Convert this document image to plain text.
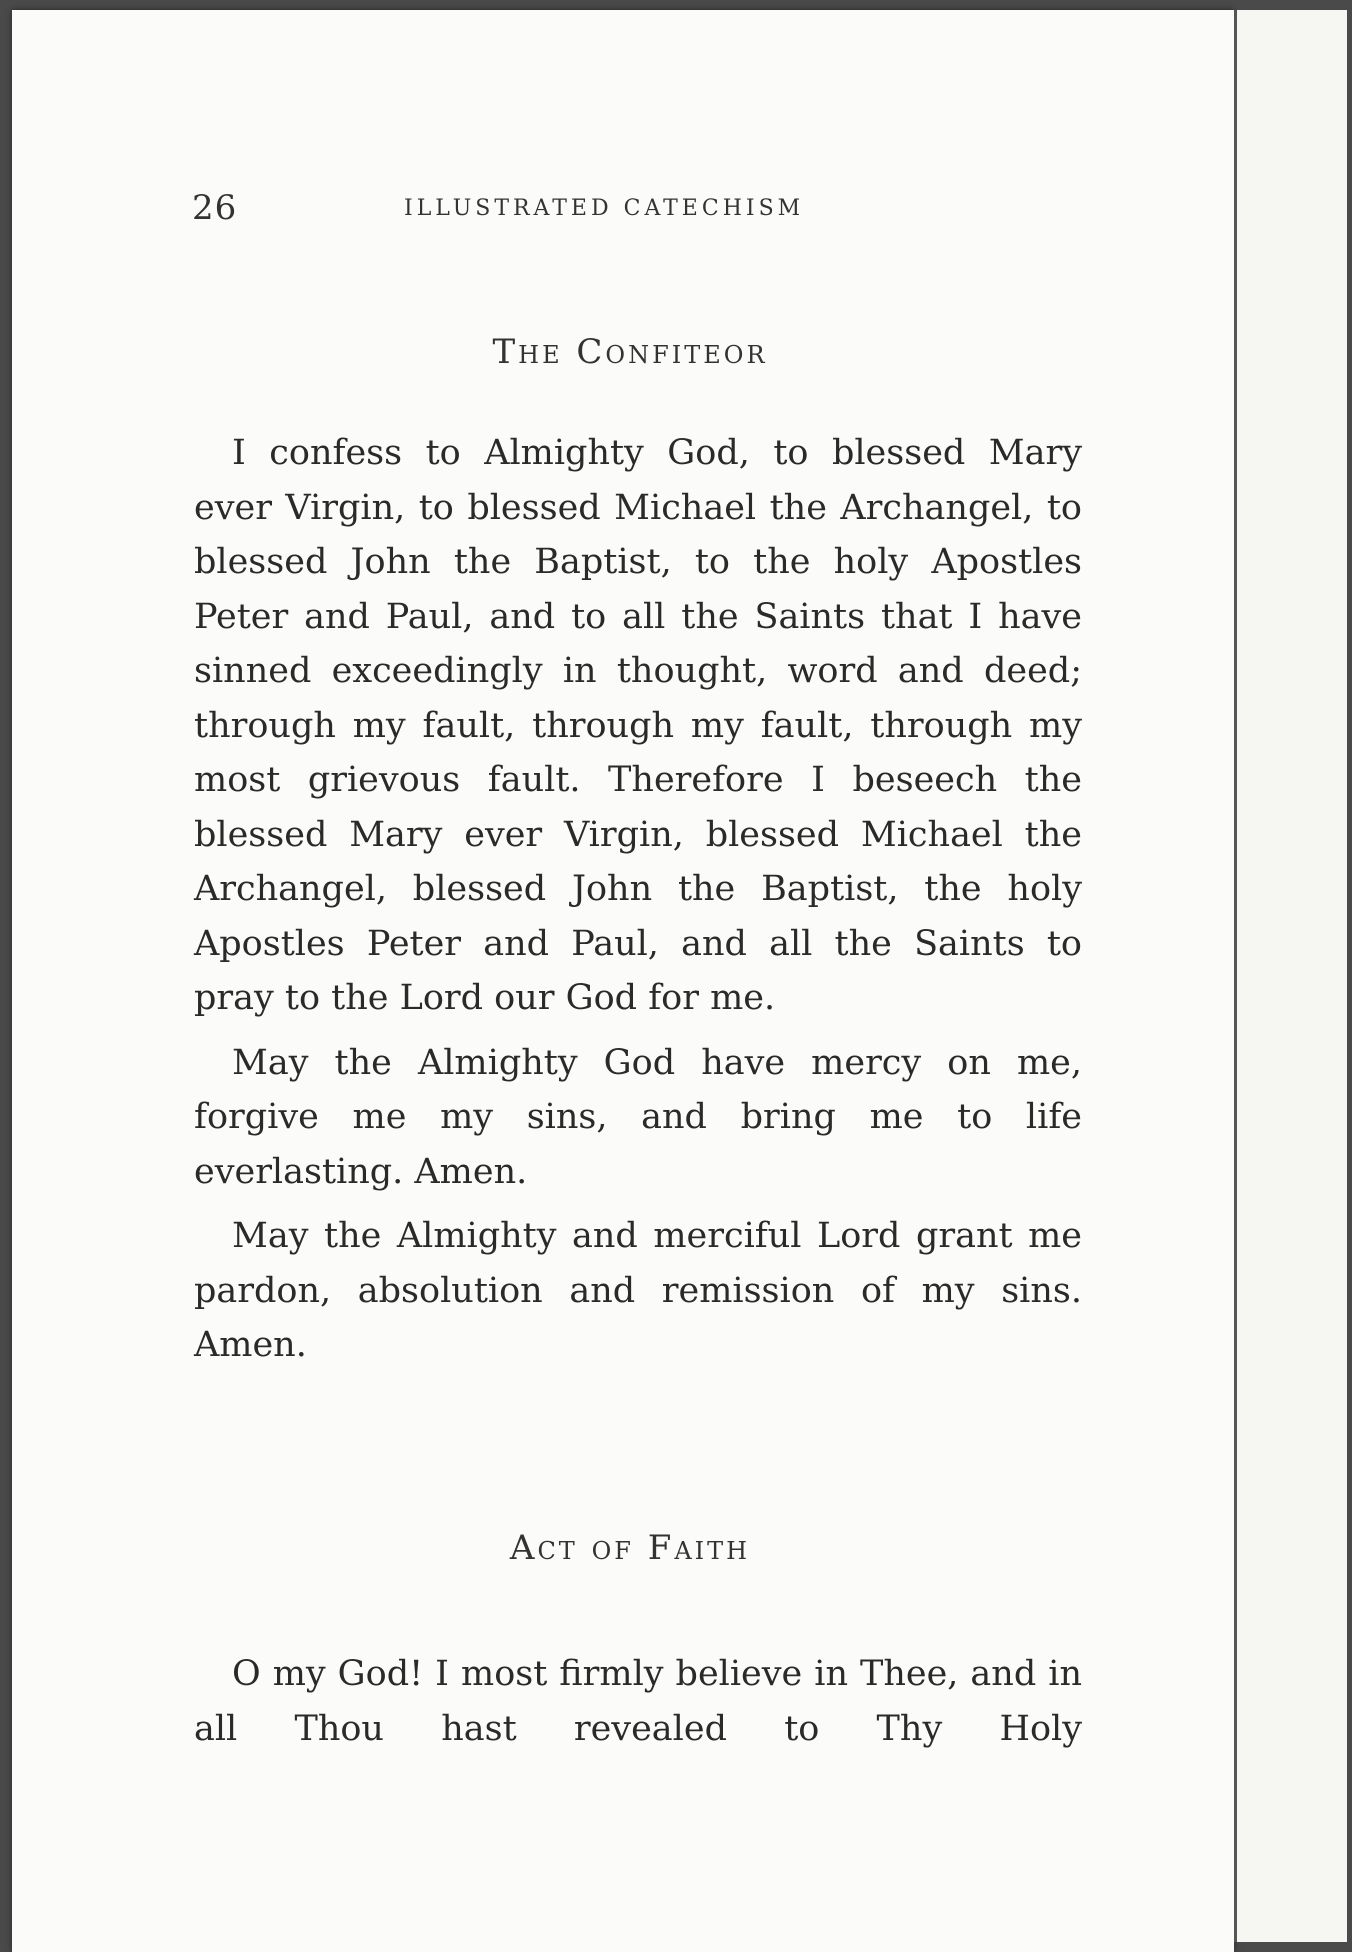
26	ILLUSTRATED CATECHISM
The Confiteor

I confess to Almighty God, to blessed Mary ever Virgin, to blessed Michael the Archangel, to blessed John the Baptist, to the holy Apostles Peter and Paul, and to all the Saints that I have sinned exceedingly in thought, word and deed; through my fault, through my fault, through my most grievous fault. Therefore I beseech the blessed Mary ever Virgin, blessed Michael the Archangel, blessed John the Baptist, the holy Apostles Peter and Paul, and all the Saints to pray to the Lord our God for me.

May the Almighty God have mercy on me, forgive me my sins, and bring me to life everlasting. Amen.

May the Almighty and merciful Lord grant me pardon, absolution and remission of my sins. Amen.

Act of Faith

O my God! I most firmly believe in Thee, and in all Thou hast revealed to Thy Holy
